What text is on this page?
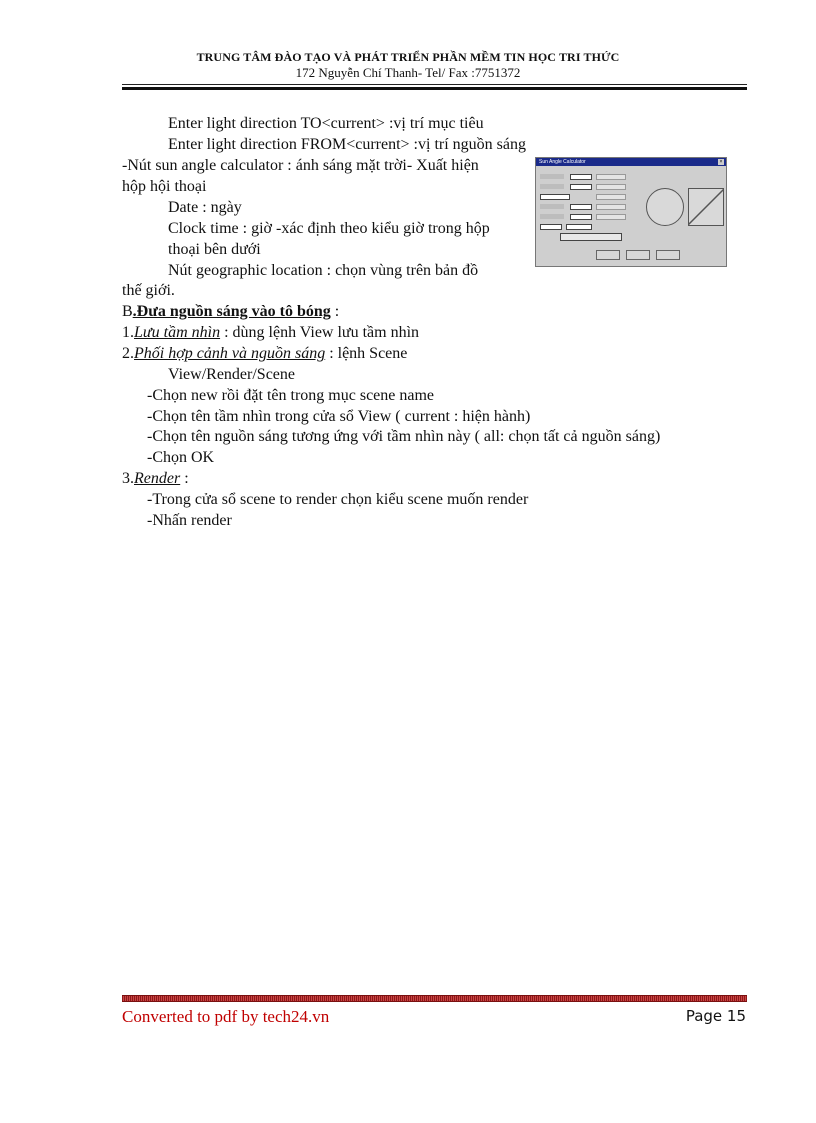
TRUNG TÂM ĐÀO TẠO VÀ PHÁT TRIỂN PHẦN MỀM TIN HỌC TRI THỨC
172 Nguyễn Chí Thanh- Tel/ Fax :7751372
Enter light direction TO<current> :vị trí mục tiêu
Enter light direction FROM<current> :vị trí nguồn sáng
-Nút sun angle calculator : ánh sáng mặt trời- Xuất hiện
hộp hội thoại
Date : ngày
Clock time : giờ -xác định theo kiểu giờ trong hộp
thoại bên dưới
Nút geographic location : chọn vùng trên bản đồ
thế giới.
B.Đưa nguồn sáng vào tô bóng :
1.Lưu tầm nhìn : dùng lệnh View lưu tầm nhìn
2.Phối hợp cảnh và nguồn sáng : lệnh Scene
View/Render/Scene
-Chọn new rồi đặt tên trong mục scene name
-Chọn tên tầm nhìn trong cửa sổ View ( current : hiện hành)
-Chọn tên nguồn sáng tương ứng với tầm nhìn này ( all: chọn tất cả nguồn sáng)
-Chọn OK
3.Render :
-Trong cửa sổ scene to render chọn kiểu scene muốn render
-Nhấn render
Sun Angle Calculator	×
Converted to pdf by tech24.vn	Page 15
